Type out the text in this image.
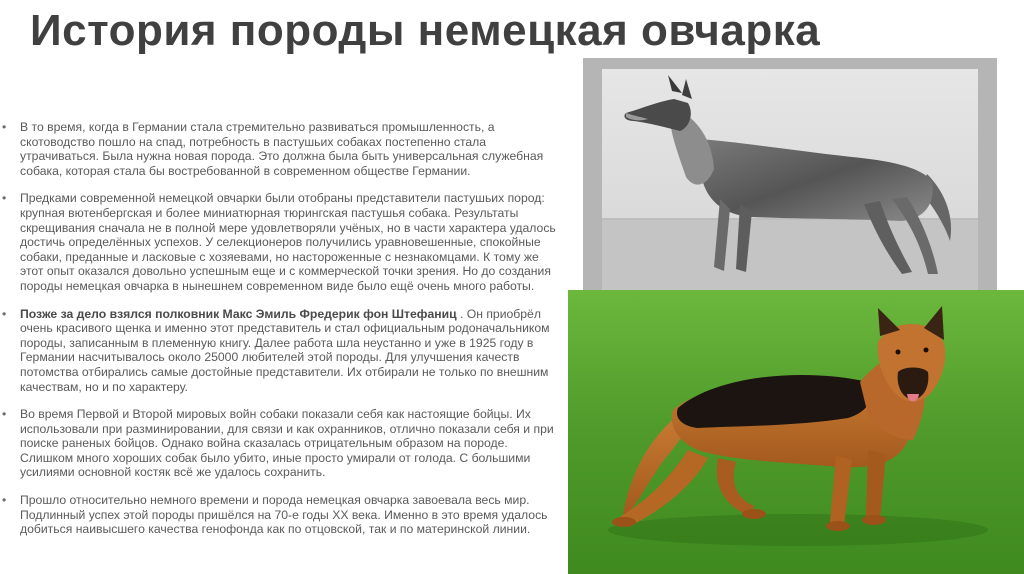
История породы немецкая овчарка
• В то время, когда в Германии стала стремительно развиваться промышленность, а скотоводство пошло на спад, потребность в пастушьих собаках постепенно стала утрачиваться. Была нужна новая порода. Это должна была быть универсальная служебная собака, которая стала бы востребованной в современном обществе Германии.
• Предками современной немецкой овчарки были отобраны представители пастушьих пород: крупная вютенбергская и более миниатюрная тюрингская пастушья собака. Результаты скрещивания сначала не в полной мере удовлетворяли учёных, но в части характера удалось достичь определённых успехов. У селекционеров получились уравновешенные, спокойные собаки, преданные и ласковые с хозяевами, но настороженные с незнакомцами. К тому же этот опыт оказался довольно успешным еще и с коммерческой точки зрения. Но до создания породы немецкая овчарка в нынешнем современном виде было ещё очень много работы.
• Позже за дело взялся полковник Макс Эмиль Фредерик фон Штефаниц . Он приобрёл очень красивого щенка и именно этот представитель и стал официальным родоначальником породы, записанным в племенную книгу. Далее работа шла неустанно и уже в 1925 году в Германии насчитывалось около 25000 любителей этой породы. Для улучшения качеств потомства отбирались самые достойные представители. Их отбирали не только по внешним качествам, но и по характеру.
• Во время Первой и Второй мировых войн собаки показали себя как настоящие бойцы. Их использовали при разминировании, для связи и как охранников, отлично показали себя и при поиске раненых бойцов. Однако война сказалась отрицательным образом на породе. Слишком много хороших собак было убито, иные просто умирали от голода. С большими усилиями основной костяк всё же удалось сохранить.
• Прошло относительно немного времени и порода немецкая овчарка завоевала весь мир. Подлинный успех этой породы пришёлся на 70-е годы XX века. Именно в это время удалось добиться наивысшего качества генофонда как по отцовской, так и по материнской линии.
